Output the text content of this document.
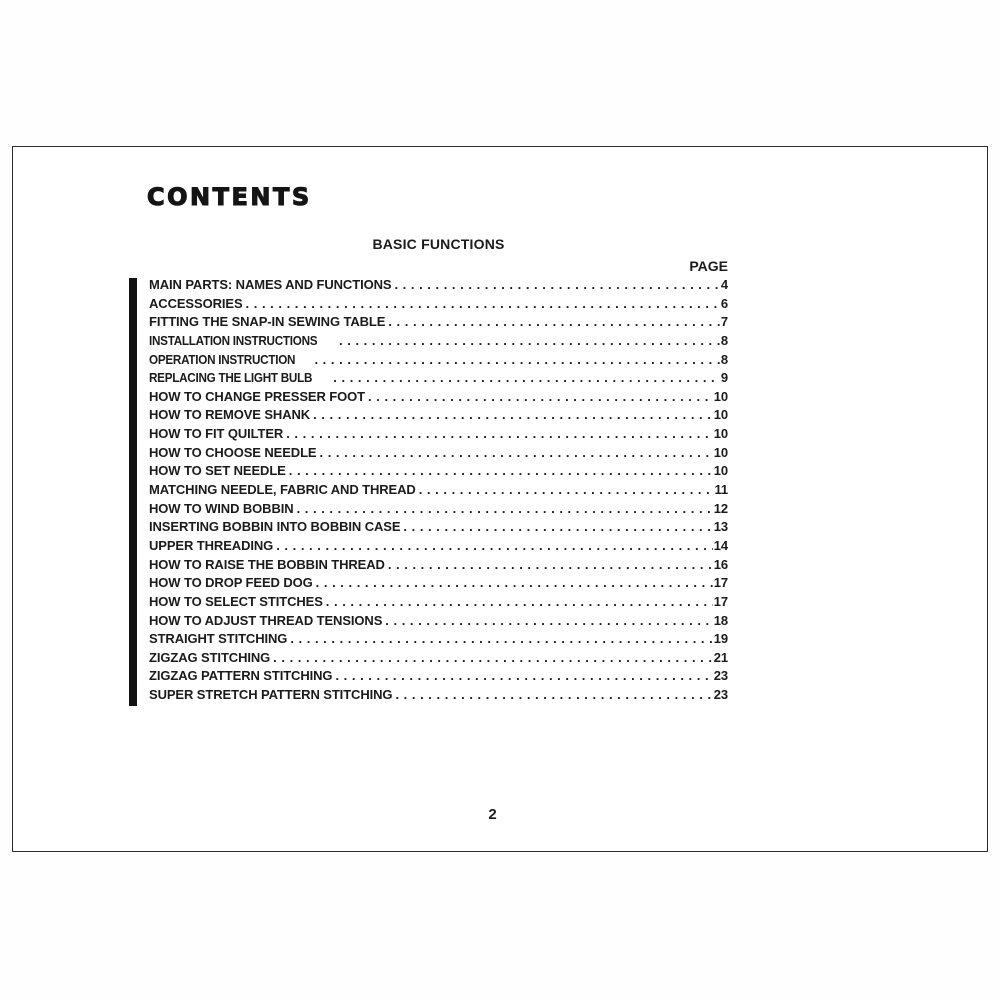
CONTENTS
BASIC FUNCTIONS
PAGE
MAIN PARTS: NAMES AND FUNCTIONS .....	4
ACCESSORIES .....	6
FITTING THE SNAP-IN SEWING TABLE .....	7
INSTALLATION INSTRUCTIONS .....	8
OPERATION INSTRUCTION .....	8
REPLACING THE LIGHT BULB .....	9
HOW TO CHANGE PRESSER FOOT .....	10
HOW TO REMOVE SHANK .....	10
HOW TO FIT QUILTER .....	10
HOW TO CHOOSE NEEDLE .....	10
HOW TO SET NEEDLE .....	10
MATCHING NEEDLE, FABRIC AND THREAD .....	11
HOW TO WIND BOBBIN .....	12
INSERTING BOBBIN INTO BOBBIN CASE .....	13
UPPER THREADING .....	14
HOW TO RAISE THE BOBBIN THREAD .....	16
HOW TO DROP FEED DOG .....	17
HOW TO SELECT STITCHES .....	17
HOW TO ADJUST THREAD TENSIONS .....	18
STRAIGHT STITCHING .....	19
ZIGZAG STITCHING .....	21
ZIGZAG PATTERN STITCHING .....	23
SUPER STRETCH PATTERN STITCHING .....	23
2
